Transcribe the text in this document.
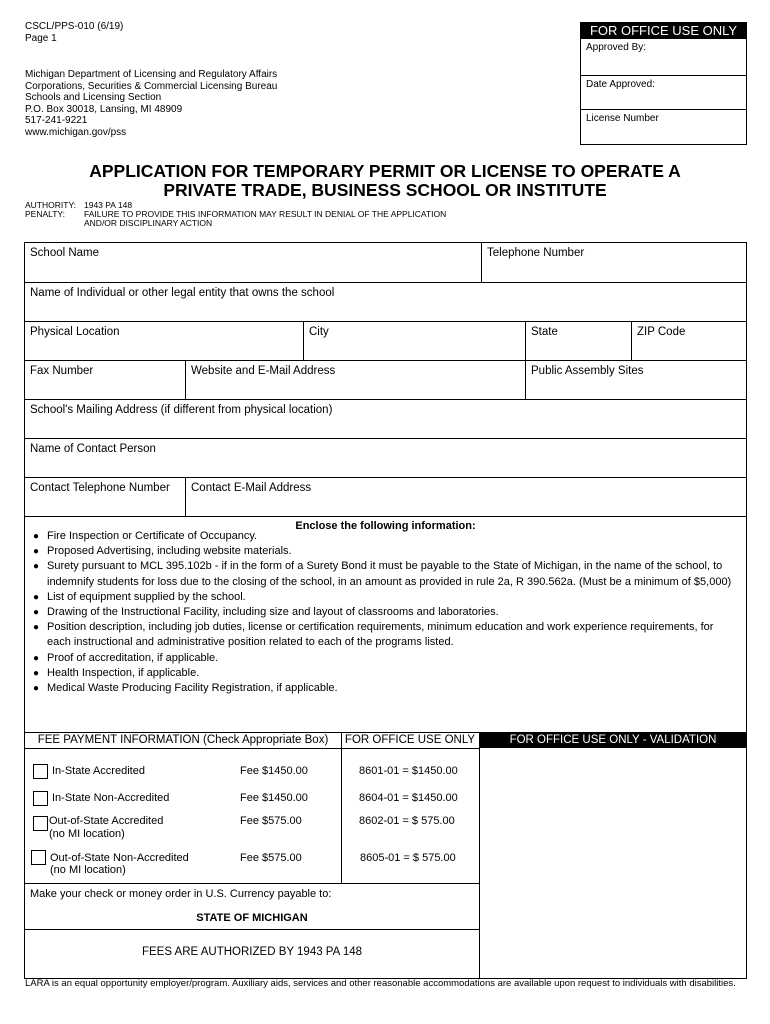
CSCL/PPS-010 (6/19)
Page 1
Michigan Department of Licensing and Regulatory Affairs
Corporations, Securities & Commercial Licensing Bureau
Schools and Licensing Section
P.O. Box 30018, Lansing, MI 48909
517-241-9221
www.michigan.gov/pss
FOR OFFICE USE ONLY
Approved By:
Date Approved:
License Number
APPLICATION FOR TEMPORARY PERMIT OR LICENSE TO OPERATE A
PRIVATE TRADE, BUSINESS SCHOOL OR INSTITUTE
AUTHORITY: 1943 PA 148
PENALTY: FAILURE TO PROVIDE THIS INFORMATION MAY RESULT IN DENIAL OF THE APPLICATION
AND/OR DISCIPLINARY ACTION
School Name	Telephone Number
Name of Individual or other legal entity that owns the school
Physical Location	City	State	ZIP Code
Fax Number	Website and E-Mail Address	Public Assembly Sites
School's Mailing Address (if different from physical location)
Name of Contact Person
Contact Telephone Number Contact E-Mail Address
Enclose the following information:
● Fire Inspection or Certificate of Occupancy.
● Proposed Advertising, including website materials.
● Surety pursuant to MCL 395.102b - if in the form of a Surety Bond it must be payable to the State of Michigan, in the name of the school, to indemnify students for loss due to the closing of the school, in an amount as provided in rule 2a, R 390.562a. (Must be a minimum of $5,000)
● List of equipment supplied by the school.
● Drawing of the Instructional Facility, including size and layout of classrooms and laboratories.
● Position description, including job duties, license or certification requirements, minimum education and work experience requirements, for each instructional and administrative position related to each of the programs listed.
● Proof of accreditation, if applicable.
● Health Inspection, if applicable.
● Medical Waste Producing Facility Registration, if applicable.
FEE PAYMENT INFORMATION (Check Appropriate Box)	FOR OFFICE USE ONLY	FOR OFFICE USE ONLY - VALIDATION
In-State Accredited	Fee $1450.00	8601-01 = $1450.00
In-State Non-Accredited	Fee $1450.00	8604-01 = $1450.00
Out-of-State Accredited
(no MI location)
Fee $575.00	8602-01 = $ 575.00
Out-of-State Non-Accredited
(no MI location)
Fee $575.00	8605-01 = $ 575.00
Make your check or money order in U.S. Currency payable to:
STATE OF MICHIGAN
FEES ARE AUTHORIZED BY 1943 PA 148
LARA is an equal opportunity employer/program. Auxiliary aids, services and other reasonable accommodations are available upon request to individuals with disabilities.
